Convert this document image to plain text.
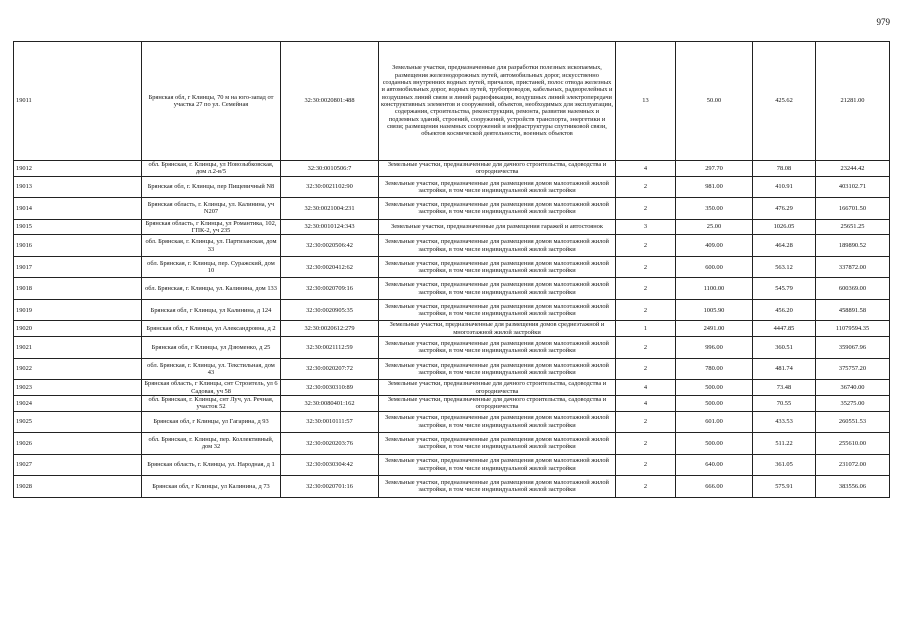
979
19011	Брянская обл, г Клинцы, 70 м на юго-запад от участка 27 по ул. Семейная	32:30:0020801:488	Земельные участки, предназначенные для разработки полезных ископаемых, размещения железнодорожных путей, автомобильных дорог, искусственно созданных внутренних водных путей, причалов, пристаней, полос отвода железных и автомобильных дорог, водных путей, трубопроводов, кабельных, радиорелейных и воздушных линий связи и линий радиофикации, воздушных линий электропередачи конструктивных элементов и сооружений, объектов, необходимых для эксплуатации, содержания, строительства, реконструкции, ремонта, развития наземных и подземных зданий, строений, сооружений, устройств транспорта, энергетики и связи; размещения наземных сооружений и инфраструктуры спутниковой связи, объектов космической деятельности, военных объектов	13	50.00	425.62	21281.00
19012	обл. Брянская, г. Клинцы, ул Новозыбковская, дом л.2-в/5	32:30:0010506:7	Земельные участки, предназначенные для дачного строительства, садоводства и огородничества	4	297.70	78.08	23244.42
19013	Брянская обл, г. Клинцы, пер Пищевичный N8	32:30:0021102:90	Земельные участки, предназначенные для размещения домов малоэтажной жилой застройки, в том числе индивидуальной жилой застройки	2	981.00	410.91	403102.71
19014	Брянская область, г. Клинцы, ул. Калинина, уч N207	32:30:0021004:231	Земельные участки, предназначенные для размещения домов малоэтажной жилой застройки, в том числе индивидуальной жилой застройки	2	350.00	476.29	166701.50
19015	Брянская область, г Клинцы, ул Романтика, 102, ГПК-2, уч 235	32:30:0010124:343	Земельные участки, предназначенные для размещения гаражей и автостоянок	3	25.00	1026.05	25651.25
19016	обл. Брянская, г. Клинцы, ул. Партизанская, дом 33	32:30:0020506:42	Земельные участки, предназначенные для размещения домов малоэтажной жилой застройки, в том числе индивидуальной жилой застройки	2	409.00	464.28	189890.52
19017	обл. Брянская, г. Клинцы, пер. Суражский, дом 10	32:30:0020412:62	Земельные участки, предназначенные для размещения домов малоэтажной жилой застройки, в том числе индивидуальной жилой застройки	2	600.00	563.12	337872.00
19018	обл. Брянская, г. Клинцы, ул. Калинина, дом 133	32:30:0020709:16	Земельные участки, предназначенные для размещения домов малоэтажной жилой застройки, в том числе индивидуальной жилой застройки	2	1100.00	545.79	600369.00
19019	Брянская обл, г Клинцы, ул Калинина, д 124	32:30:0020905:35	Земельные участки, предназначенные для размещения домов малоэтажной жилой застройки, в том числе индивидуальной жилой застройки	2	1005.90	456.20	458891.58
19020	Брянская обл, г Клинцы, ул Александровна, д 2	32:30:0020612:279	Земельные участки, предназначенные для размещения домов среднеэтажной и многоэтажной жилой застройки	1	2491.00	4447.85	11079594.35
19021	Брянская обл, г Клинцы, ул Дзюменко, д 25	32:30:0021112:59	Земельные участки, предназначенные для размещения домов малоэтажной жилой застройки, в том числе индивидуальной жилой застройки	2	996.00	360.51	359067.96
19022	обл. Брянская, г. Клинцы, ул. Текстильная, дом 43	32:30:0020207:72	Земельные участки, предназначенные для размещения домов малоэтажной жилой застройки, в том числе индивидуальной жилой застройки	2	780.00	481.74	375757.20
19023	Брянская область, г Клинцы, снт Строитель, ул 6 Садовая, уч 58	32:30:0030310:89	Земельные участки, предназначенные для дачного строительства, садоводства и огородничества	4	500.00	73.48	36740.00
19024	обл. Брянская, г. Клинцы, снт Луч, ул. Речная, участок 52	32:30:0080401:162	Земельные участки, предназначенные для дачного строительства, садоводства и огородничества	4	500.00	70.55	35275.00
19025	Брянская обл, г Клинцы, ул Гагарина, д 93	32:30:0010111:57	Земельные участки, предназначенные для размещения домов малоэтажной жилой застройки, в том числе индивидуальной жилой застройки	2	601.00	433.53	260551.53
19026	обл. Брянская, г. Клинцы, пер. Коллективный, дом 32	32:30:0020203:76	Земельные участки, предназначенные для размещения домов малоэтажной жилой застройки, в том числе индивидуальной жилой застройки	2	500.00	511.22	255610.00
19027	Брянская область, г. Клинцы, ул. Народная, д 1	32:30:0030304:42	Земельные участки, предназначенные для размещения домов малоэтажной жилой застройки, в том числе индивидуальной жилой застройки	2	640.00	361.05	231072.00
19028	Брянская обл, г Клинцы, ул Калинина, д 73	32:30:0020701:16	Земельные участки, предназначенные для размещения домов малоэтажной жилой застройки, в том числе индивидуальной жилой застройки	2	666.00	575.91	383556.06
